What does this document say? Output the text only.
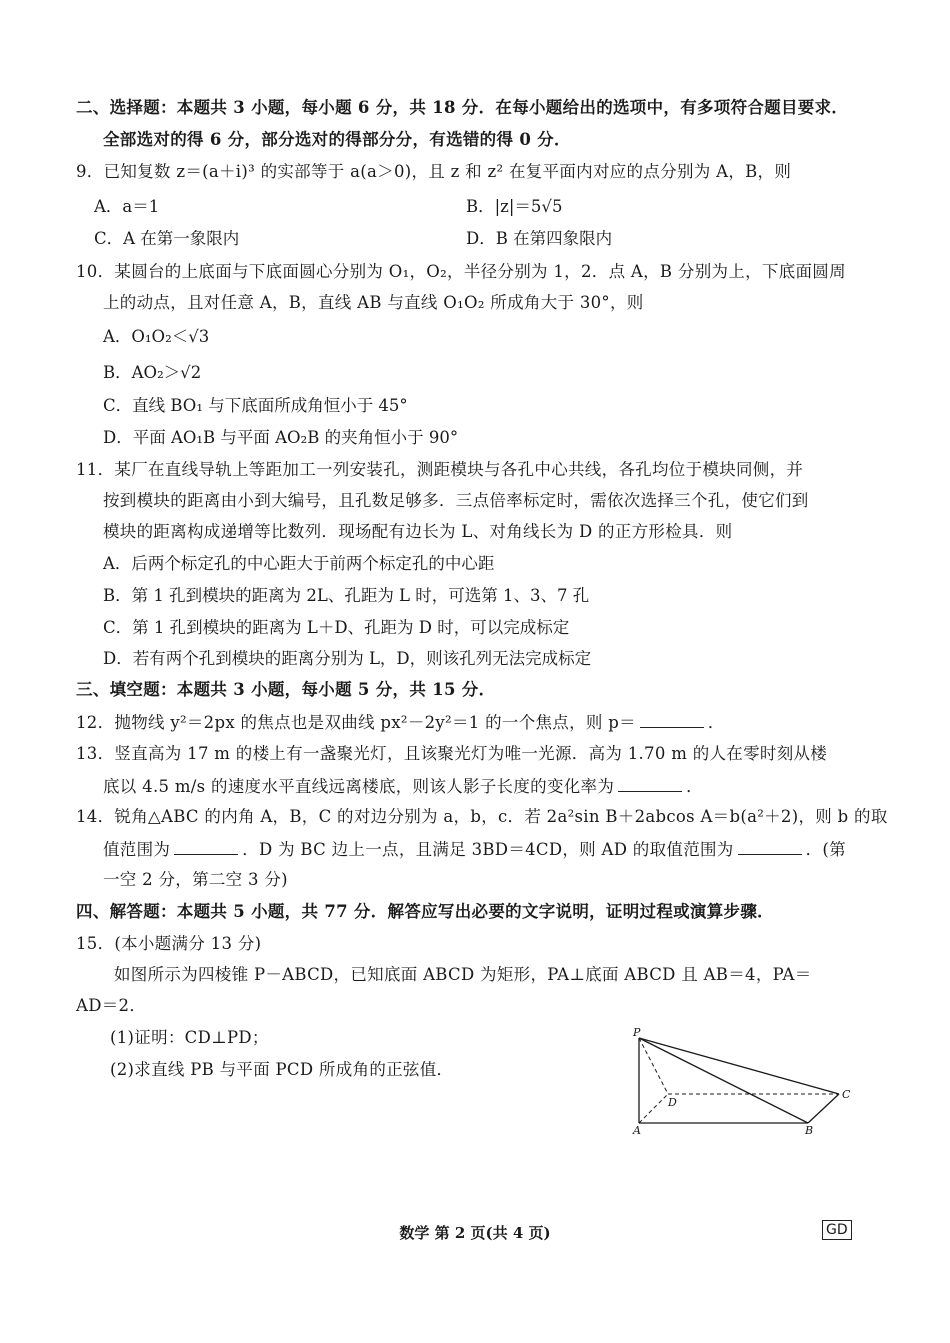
二、选择题：本题共 3 小题，每小题 6 分，共 18 分．在每小题给出的选项中，有多项符合题目要求．
全部选对的得 6 分，部分选对的得部分分，有选错的得 0 分．
9．已知复数 z＝(a＋i)³ 的实部等于 a(a＞0)，且 z 和 z² 在复平面内对应的点分别为 A，B，则
A．a＝1	B．|z|＝5√5
C．A 在第一象限内	D．B 在第四象限内
10．某圆台的上底面与下底面圆心分别为 O₁，O₂，半径分别为 1，2．点 A，B 分别为上，下底面圆周
上的动点，且对任意 A，B，直线 AB 与直线 O₁O₂ 所成角大于 30°，则
A．O₁O₂＜√3
B．AO₂＞√2
C．直线 BO₁ 与下底面所成角恒小于 45°
D．平面 AO₁B 与平面 AO₂B 的夹角恒小于 90°
11．某厂在直线导轨上等距加工一列安装孔，测距模块与各孔中心共线，各孔均位于模块同侧，并
按到模块的距离由小到大编号，且孔数足够多．三点倍率标定时，需依次选择三个孔，使它们到
模块的距离构成递增等比数列．现场配有边长为 L、对角线长为 D 的正方形检具．则
A．后两个标定孔的中心距大于前两个标定孔的中心距
B．第 1 孔到模块的距离为 2L、孔距为 L 时，可选第 1、3、7 孔
C．第 1 孔到模块的距离为 L＋D、孔距为 D 时，可以完成标定
D．若有两个孔到模块的距离分别为 L，D，则该孔列无法完成标定
三、填空题：本题共 3 小题，每小题 5 分，共 15 分．
12．抛物线 y²＝2px 的焦点也是双曲线 px²－2y²＝1 的一个焦点，则 p＝	．
13．竖直高为 17 m 的楼上有一盏聚光灯，且该聚光灯为唯一光源．高为 1.70 m 的人在零时刻从楼
底以 4.5 m/s 的速度水平直线远离楼底，则该人影子长度的变化率为	．
14．锐角△ABC 的内角 A，B，C 的对边分别为 a，b，c．若 2a²sin B＋2abcos A＝b(a²＋2)，则 b 的取
值范围为	．D 为 BC 边上一点，且满足 3BD＝4CD，则 AD 的取值范围为	．(第
一空 2 分，第二空 3 分)
四、解答题：本题共 5 小题，共 77 分．解答应写出必要的文字说明，证明过程或演算步骤．
15．(本小题满分 13 分)
如图所示为四棱锥 P－ABCD，已知底面 ABCD 为矩形，PA⊥底面 ABCD 且 AB＝4，PA＝
AD＝2．
(1)证明：CD⊥PD；
(2)求直线 PB 与平面 PCD 所成角的正弦值．
P
A	B
C
D
数学 第 2 页(共 4 页)	GD
